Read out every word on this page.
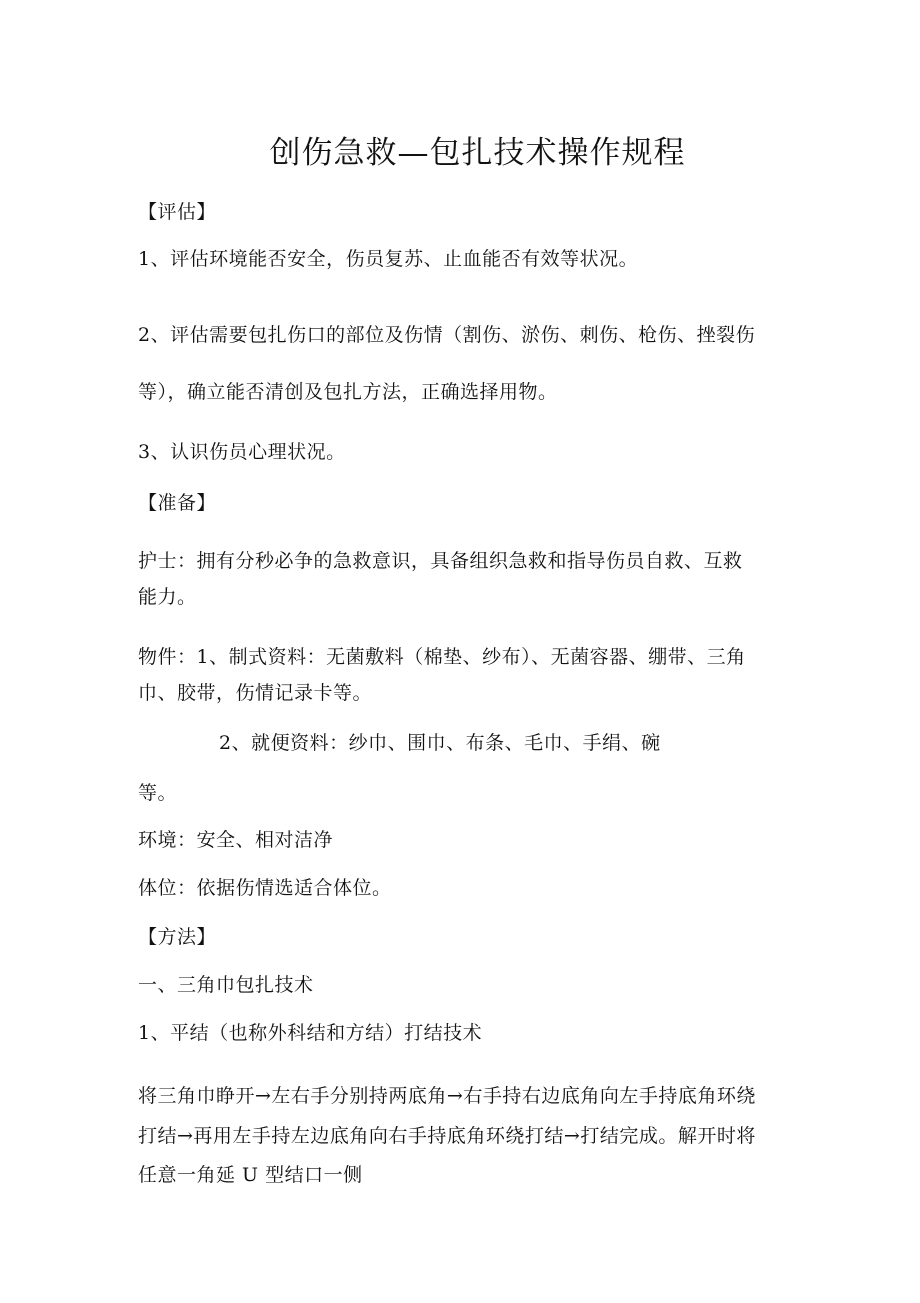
创伤急救—包扎技术操作规程
【评估】
1、评估环境能否安全，伤员复苏、止血能否有效等状况。
2、评估需要包扎伤口的部位及伤情（割伤、淤伤、刺伤、枪伤、挫裂伤
等），确立能否清创及包扎方法，正确选择用物。
3、认识伤员心理状况。
【准备】
护士：拥有分秒必争的急救意识，具备组织急救和指导伤员自救、互救
能力。
物件：1、制式资料：无菌敷料（棉垫、纱布）、无菌容器、绷带、三角
巾、胶带，伤情记录卡等。
2、就便资料：纱巾、围巾、布条、毛巾、手绢、碗
等。
环境：安全、相对洁净
体位：依据伤情选适合体位。
【方法】
一、三角巾包扎技术
1、平结（也称外科结和方结）打结技术
将三角巾睁开→左右手分别持两底角→右手持右边底角向左手持底角环绕
打结→再用左手持左边底角向右手持底角环绕打结→打结完成。解开时将
任意一角延 U 型结口一侧
